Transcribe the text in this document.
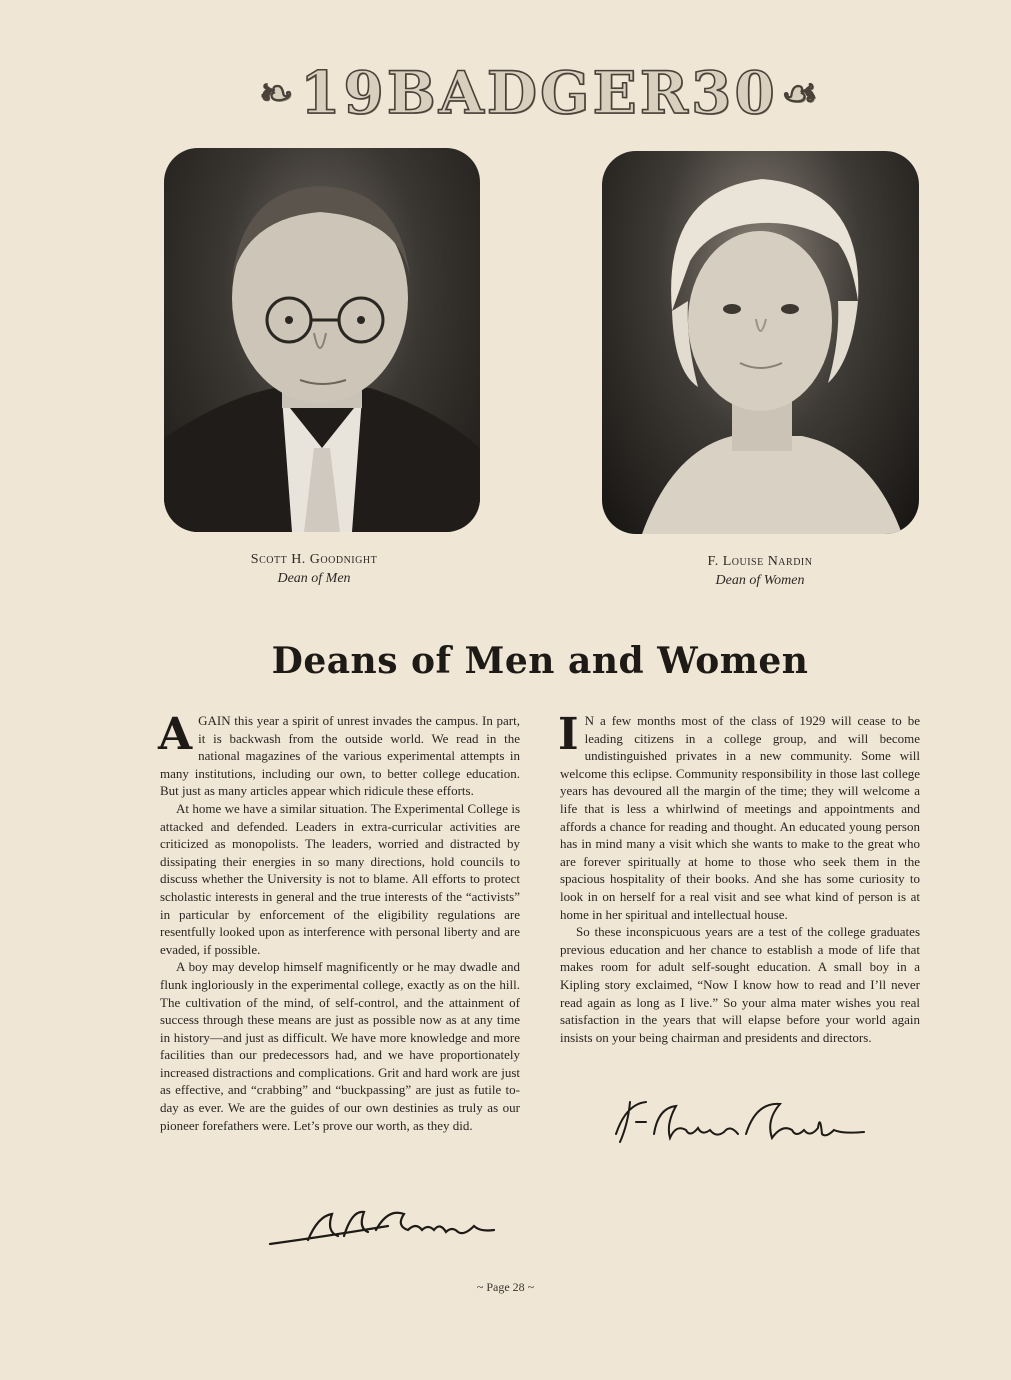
❧ 19BADGER30 ☙
Scott H. Goodnight
Dean of Men
F. Louise Nardin
Dean of Women
Deans of Men and Women

AGAIN this year a spirit of unrest invades the campus. In part, it is backwash from the outside world. We read in the national magazines of the various experimental attempts in many institutions, including our own, to better college education. But just as many articles appear which ridicule these efforts.

At home we have a similar situation. The Experimental College is attacked and defended. Leaders in extra-curricular activities are criticized as monopolists. The leaders, worried and distracted by dissipating their energies in so many directions, hold councils to discuss whether the University is not to blame. All efforts to protect scholastic interests in general and the true interests of the “activists” in particular by enforcement of the eligibility regulations are resentfully looked upon as interference with personal liberty and are evaded, if possible.

A boy may develop himself magnificently or he may dwadle and flunk ingloriously in the experimental college, exactly as on the hill. The cultivation of the mind, of self-control, and the attainment of success through these means are just as possible now as at any time in history—and just as difficult. We have more knowledge and more facilities than our predecessors had, and we have proportionately increased distractions and complications. Grit and hard work are just as effective, and “crabbing” and “buckpassing” are just as futile to-day as ever. We are the guides of our own destinies as truly as our pioneer forefathers were. Let’s prove our worth, as they did.

I N a few months most of the class of 1929 will cease to be leading citizens in a college group, and will become undistinguished privates in a new community. Some will welcome this eclipse. Community responsibility in those last college years has devoured all the margin of the time; they will welcome a life that is less a whirlwind of meetings and appointments and affords a chance for reading and thought. An educated young person has in mind many a visit which she wants to make to the great who are forever spiritually at home to those who seek them in the spacious hospitality of their books. And she has some curiosity to look in on herself for a real visit and see what kind of person is at home in her spiritual and intellectual house.

So these inconspicuous years are a test of the college graduates previous education and her chance to establish a mode of life that makes room for adult self-sought education. A small boy in a Kipling story exclaimed, “Now I know how to read and I’ll never read again as long as I live.” So your alma mater wishes you real satisfaction in the years that will elapse before your world again insists on your being chairman and presidents and directors.

~ Page 28 ~
